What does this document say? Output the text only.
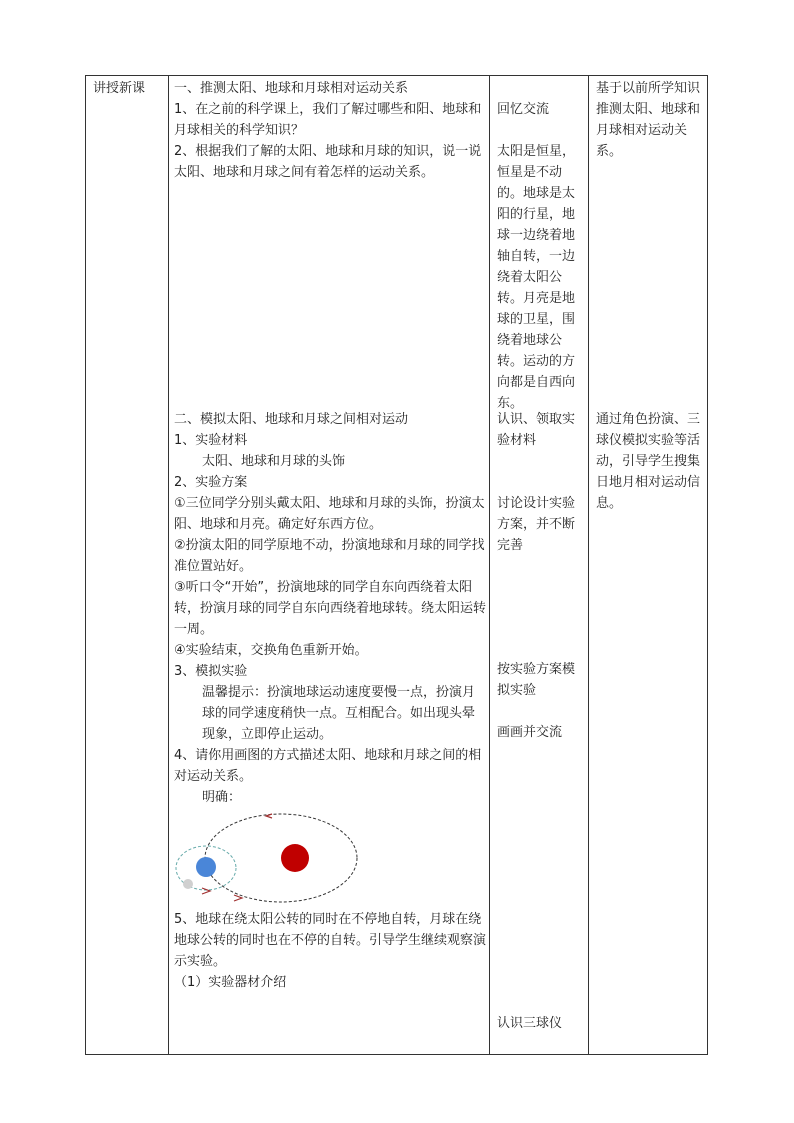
讲授新课	一、推测太阳、地球和月球相对运动关系
1、在之前的科学课上，我们了解过哪些和阳、地球和月球相关的科学知识？
2、根据我们了解的太阳、地球和月球的知识，说一说太阳、地球和月球之间有着怎样的运动关系。
回忆交流
太阳是恒星，恒星是不动的。地球是太阳的行星，地球一边绕着地轴自转，一边绕着太阳公转。月亮是地球的卫星，围绕着地球公转。运动的方向都是自西向东。
基于以前所学知识推测太阳、地球和月球相对运动关系。
二、模拟太阳、地球和月球之间相对运动
1、实验材料
太阳、地球和月球的头饰
2、实验方案
①三位同学分别头戴太阳、地球和月球的头饰，扮演太阳、地球和月亮。确定好东西方位。
②扮演太阳的同学原地不动，扮演地球和月球的同学找准位置站好。
③听口令“开始”，扮演地球的同学自东向西绕着太阳转，扮演月球的同学自东向西绕着地球转。绕太阳运转一周。
④实验结束，交换角色重新开始。
3、模拟实验
温馨提示：扮演地球运动速度要慢一点，扮演月球的同学速度稍快一点。互相配合。如出现头晕现象，立即停止运动。
4、请你用画图的方式描述太阳、地球和月球之间的相对运动关系。
明确：
5、地球在绕太阳公转的同时在不停地自转，月球在绕地球公转的同时也在不停的自转。引导学生继续观察演示实验。
（1）实验器材介绍
认识、领取实验材料
讨论设计实验方案，并不断完善
按实验方案模拟实验
画画并交流
认识三球仪
通过角色扮演、三球仪模拟实验等活动，引导学生搜集日地月相对运动信息。
